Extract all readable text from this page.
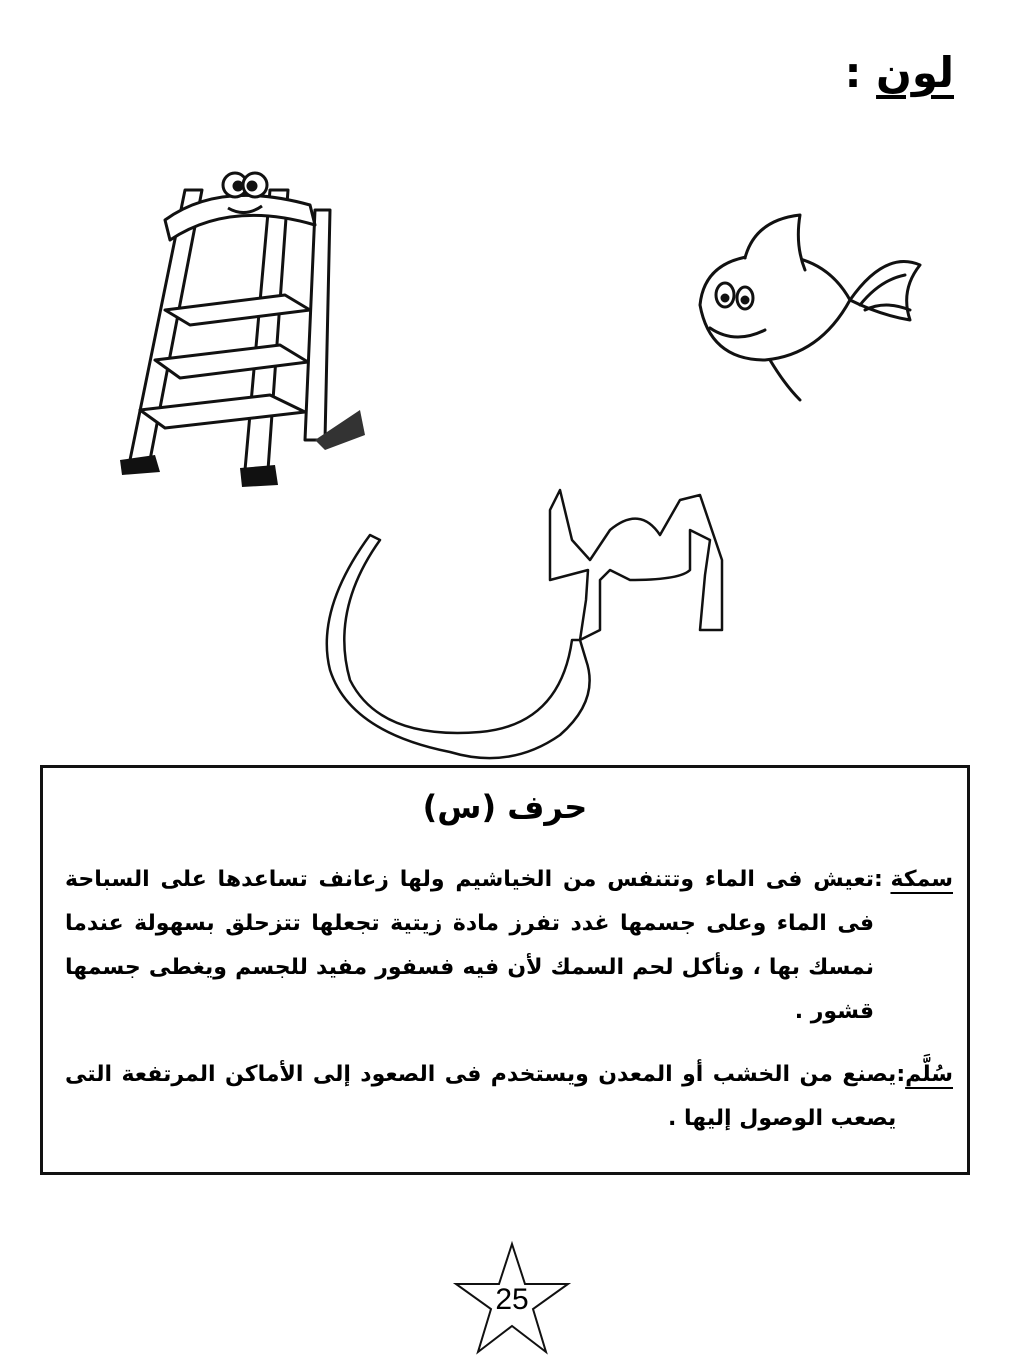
لون :
حرف (س)
سمكة :
تعيش فى الماء وتتنفس من الخياشيم ولها زعانف تساعدها على السباحة فى الماء وعلى جسمها غدد تفرز مادة زيتية تجعلها تتزحلق بسهولة عندما نمسك بها ، ونأكل لحم السمك لأن فيه فسفور مفيد للجسم ويغطى جسمها قشور .
سُلَّم:
يصنع من الخشب أو المعدن ويستخدم فى الصعود إلى الأماكن المرتفعة التى يصعب الوصول إليها .
25
